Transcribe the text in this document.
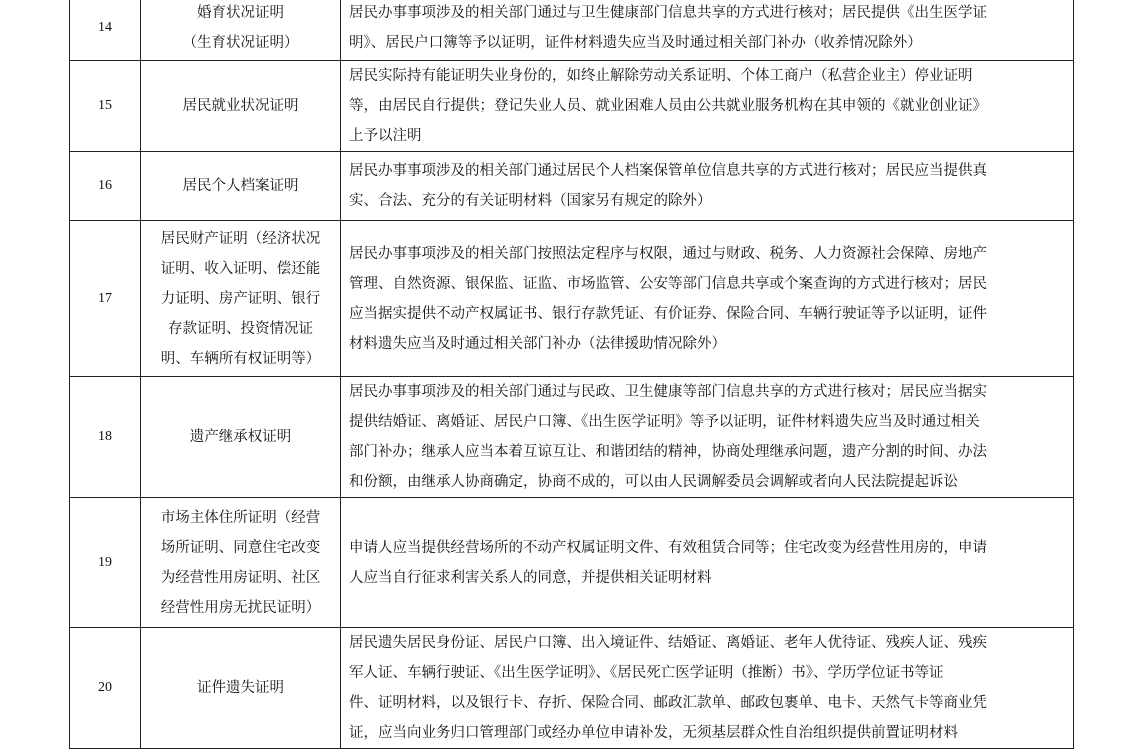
14	婚育状况证明
（生育状况证明）	居民办事事项涉及的相关部门通过与卫生健康部门信息共享的方式进行核对；居民提供《出生医学证
明》、居民户口簿等予以证明，证件材料遗失应当及时通过相关部门补办（收养情况除外）

15	居民就业状况证明	居民实际持有能证明失业身份的，如终止解除劳动关系证明、个体工商户（私营企业主）停业证明
等，由居民自行提供；登记失业人员、就业困难人员由公共就业服务机构在其申领的《就业创业证》
上予以注明

16	居民个人档案证明	居民办事事项涉及的相关部门通过居民个人档案保管单位信息共享的方式进行核对；居民应当提供真
实、合法、充分的有关证明材料（国家另有规定的除外）

17	居民财产证明（经济状况
证明、收入证明、偿还能
力证明、房产证明、银行
存款证明、投资情况证
明、车辆所有权证明等）	居民办事事项涉及的相关部门按照法定程序与权限，通过与财政、税务、人力资源社会保障、房地产
管理、自然资源、银保监、证监、市场监管、公安等部门信息共享或个案查询的方式进行核对；居民
应当据实提供不动产权属证书、银行存款凭证、有价证券、保险合同、车辆行驶证等予以证明，证件
材料遗失应当及时通过相关部门补办（法律援助情况除外）

18	遗产继承权证明	居民办事事项涉及的相关部门通过与民政、卫生健康等部门信息共享的方式进行核对；居民应当据实
提供结婚证、离婚证、居民户口簿、《出生医学证明》等予以证明，证件材料遗失应当及时通过相关
部门补办；继承人应当本着互谅互让、和谐团结的精神，协商处理继承问题，遗产分割的时间、办法
和份额，由继承人协商确定，协商不成的，可以由人民调解委员会调解或者向人民法院提起诉讼

19	市场主体住所证明（经营
场所证明、同意住宅改变
为经营性用房证明、社区
经营性用房无扰民证明）	申请人应当提供经营场所的不动产权属证明文件、有效租赁合同等；住宅改变为经营性用房的，申请
人应当自行征求利害关系人的同意，并提供相关证明材料

20	证件遗失证明	居民遗失居民身份证、居民户口簿、出入境证件、结婚证、离婚证、老年人优待证、残疾人证、残疾
军人证、车辆行驶证、《出生医学证明》、《居民死亡医学证明（推断）书》、学历学位证书等证
件、证明材料，以及银行卡、存折、保险合同、邮政汇款单、邮政包裹单、电卡、天然气卡等商业凭
证，应当向业务归口管理部门或经办单位申请补发，无须基层群众性自治组织提供前置证明材料
